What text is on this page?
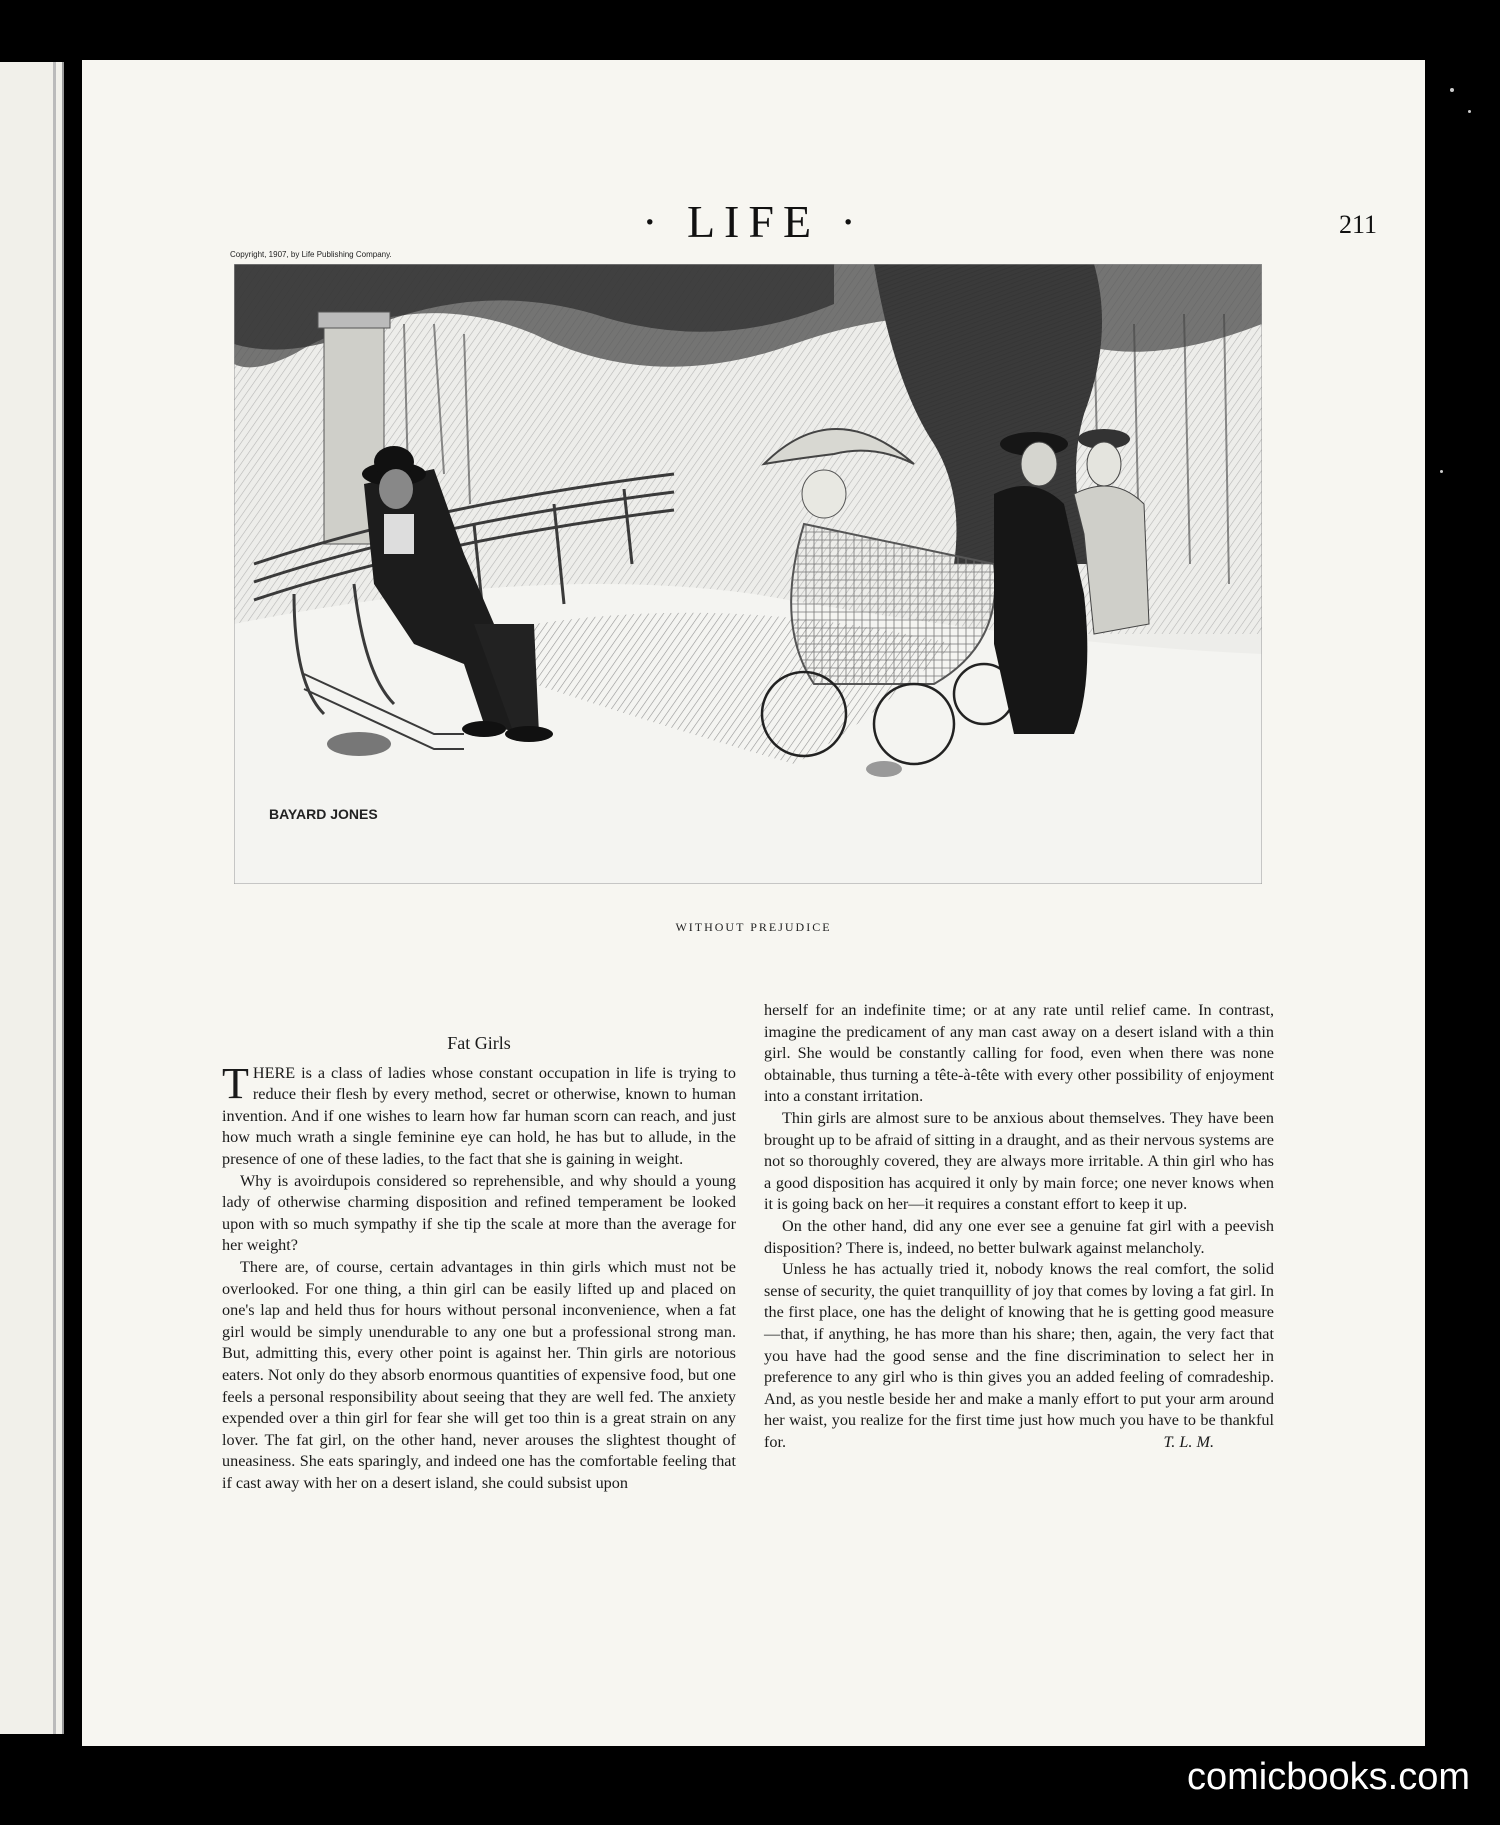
· LIFE ·	211
Copyright, 1907, by Life Publishing Company.
BAYARD JONES
WITHOUT PREJUDICE
Fat Girls

THERE is a class of ladies whose constant occupation in life is trying to reduce their flesh by every method, secret or otherwise, known to human invention. And if one wishes to learn how far human scorn can reach, and just how much wrath a single feminine eye can hold, he has but to allude, in the presence of one of these ladies, to the fact that she is gaining in weight.

Why is avoirdupois considered so reprehensible, and why should a young lady of otherwise charming disposition and refined temperament be looked upon with so much sympathy if she tip the scale at more than the average for her weight?

There are, of course, certain advantages in thin girls which must not be overlooked. For one thing, a thin girl can be easily lifted up and placed on one's lap and held thus for hours without personal inconvenience, when a fat girl would be simply unendurable to any one but a professional strong man. But, admitting this, every other point is against her. Thin girls are notorious eaters. Not only do they absorb enormous quantities of expensive food, but one feels a personal responsibility about seeing that they are well fed. The anxiety expended over a thin girl for fear she will get too thin is a great strain on any lover. The fat girl, on the other hand, never arouses the slightest thought of uneasiness. She eats sparingly, and indeed one has the comfortable feeling that if cast away with her on a desert island, she could subsist upon

herself for an indefinite time; or at any rate until relief came. In contrast, imagine the predicament of any man cast away on a desert island with a thin girl. She would be constantly calling for food, even when there was none obtainable, thus turning a tête-à-tête with every other possibility of enjoyment into a constant irritation.

Thin girls are almost sure to be anxious about themselves. They have been brought up to be afraid of sitting in a draught, and as their nervous systems are not so thoroughly covered, they are always more irritable. A thin girl who has a good disposition has acquired it only by main force; one never knows when it is going back on her—it requires a constant effort to keep it up.

On the other hand, did any one ever see a genuine fat girl with a peevish disposition? There is, indeed, no better bulwark against melancholy.

Unless he has actually tried it, nobody knows the real comfort, the solid sense of security, the quiet tranquillity of joy that comes by loving a fat girl. In the first place, one has the delight of knowing that he is getting good measure—that, if anything, he has more than his share; then, again, the very fact that you have had the good sense and the fine discrimination to select her in preference to any girl who is thin gives you an added feeling of comradeship. And, as you nestle beside her and make a manly effort to put your arm around her waist, you realize for the first time just how much you have to be thankful for.	T. L. M.

comicbooks.com
